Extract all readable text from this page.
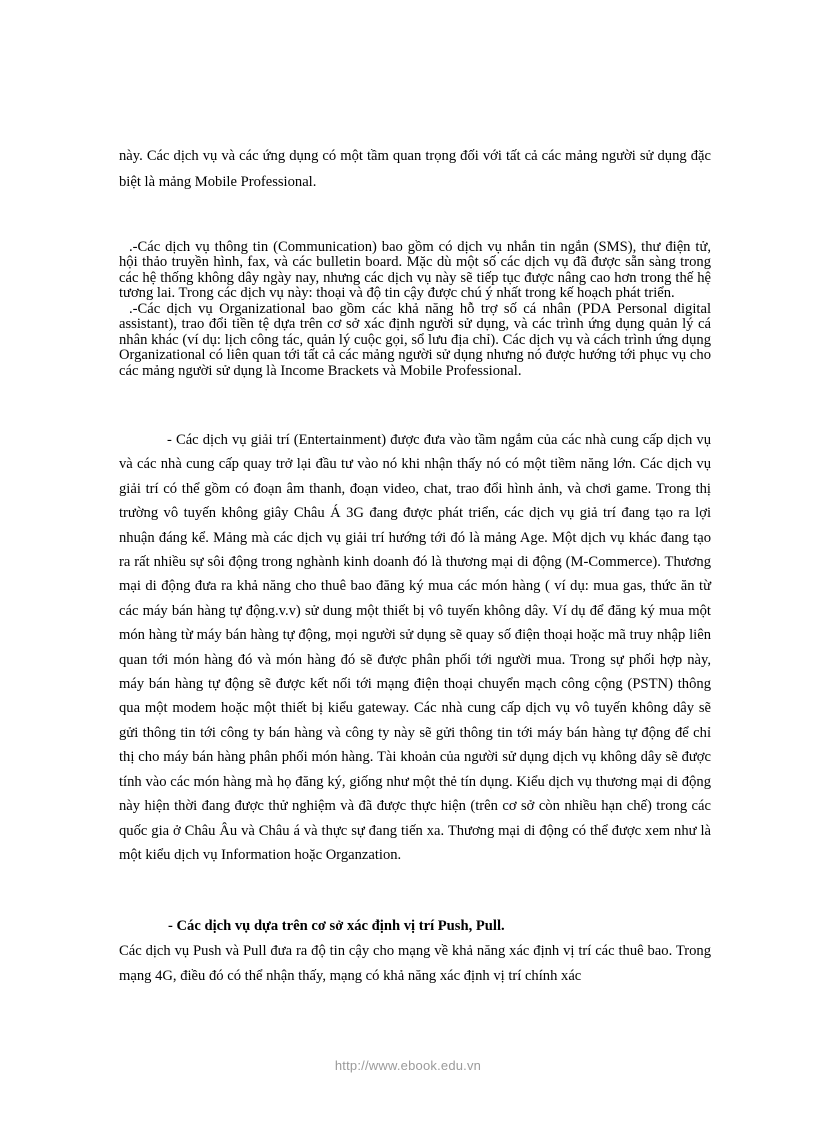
này. Các dịch vụ và các ứng dụng có một tầm quan trọng đối với tất cả các mảng người sử dụng đặc biệt là mảng Mobile Professional.

.-Các dịch vụ thông tin (Communication) bao gồm có dịch vụ nhắn tin ngắn (SMS), thư điện tử, hội thảo truyền hình, fax, và các bulletin board. Mặc dù một số các dịch vụ đã được sẵn sàng trong các hệ thống không dây ngày nay, nhưng các dịch vụ này sẽ tiếp tục được nâng cao hơn trong thế hệ tương lai. Trong các dịch vụ này: thoại và độ tin cậy được chú ý nhất trong kế hoạch phát triển.

.-Các dịch vụ Organizational bao gồm các khả năng hỗ trợ số cá nhân (PDA Personal digital assistant), trao đổi tiền tệ dựa trên cơ sở xác định người sử dụng, và các trình ứng dụng quản lý cá nhân khác (ví dụ: lịch công tác, quản lý cuộc gọi, sổ lưu địa chỉ). Các dịch vụ và cách trình ứng dụng Organizational có liên quan tới tất cả các mảng người sử dụng nhưng nó được hướng tới phục vụ cho các mảng người sử dụng là Income Brackets và Mobile Professional.

- Các dịch vụ giải trí (Entertainment) được đưa vào tầm ngắm của các nhà cung cấp dịch vụ và các nhà cung cấp quay trở lại đầu tư vào nó khi nhận thấy nó có một tiềm năng lớn. Các dịch vụ giải trí có thể gồm có đoạn âm thanh, đoạn video, chat, trao đổi hình ảnh, và chơi game. Trong thị trường vô tuyến không giây Châu Á 3G đang được phát triển, các dịch vụ giả trí đang tạo ra lợi nhuận đáng kể. Mảng mà các dịch vụ giải trí hướng tới đó là mảng Age. Một dịch vụ khác đang tạo ra rất nhiều sự sôi động trong nghành kinh doanh đó là thương mại di động (M-Commerce). Thương mại di động đưa ra khả năng cho thuê bao đăng ký mua các món hàng ( ví dụ: mua gas, thức ăn từ các máy bán hàng tự động.v.v) sử dung một thiết bị vô tuyến không dây. Ví dụ để đăng ký mua một món hàng từ máy bán hàng tự động, mọi người sử dụng sẽ quay số điện thoại hoặc mã truy nhập liên quan tới món hàng đó và món hàng đó sẽ được phân phối tới người mua. Trong sự phối hợp này, máy bán hàng tự động sẽ được kết nối tới mạng điện thoại chuyển mạch công cộng (PSTN) thông qua một modem hoặc một thiết bị kiểu gateway. Các nhà cung cấp dịch vụ vô tuyến không dây sẽ gửi thông tin tới công ty bán hàng và công ty này sẽ gửi thông tin tới máy bán hàng tự động để chỉ thị cho máy bán hàng phân phối món hàng. Tài khoản của người sử dụng dịch vụ không dây sẽ được tính vào các món hàng mà họ đăng ký, giống như một thẻ tín dụng. Kiểu dịch vụ thương mại di động này hiện thời đang được thử nghiệm và đã được thực hiện (trên cơ sở còn nhiều hạn chế) trong các quốc gia ở Châu Âu và Châu á và thực sự đang tiến xa. Thương mại di động có thể được xem như là một kiểu dịch vụ Information hoặc Organzation.

- Các dịch vụ dựa trên cơ sở xác định vị trí Push, Pull.

Các dịch vụ Push và Pull đưa ra độ tin cậy cho mạng về khả năng xác định vị trí các thuê bao. Trong mạng 4G, điều đó có thể nhận thấy, mạng có khả năng xác định vị trí chính xác

http://www.ebook.edu.vn
